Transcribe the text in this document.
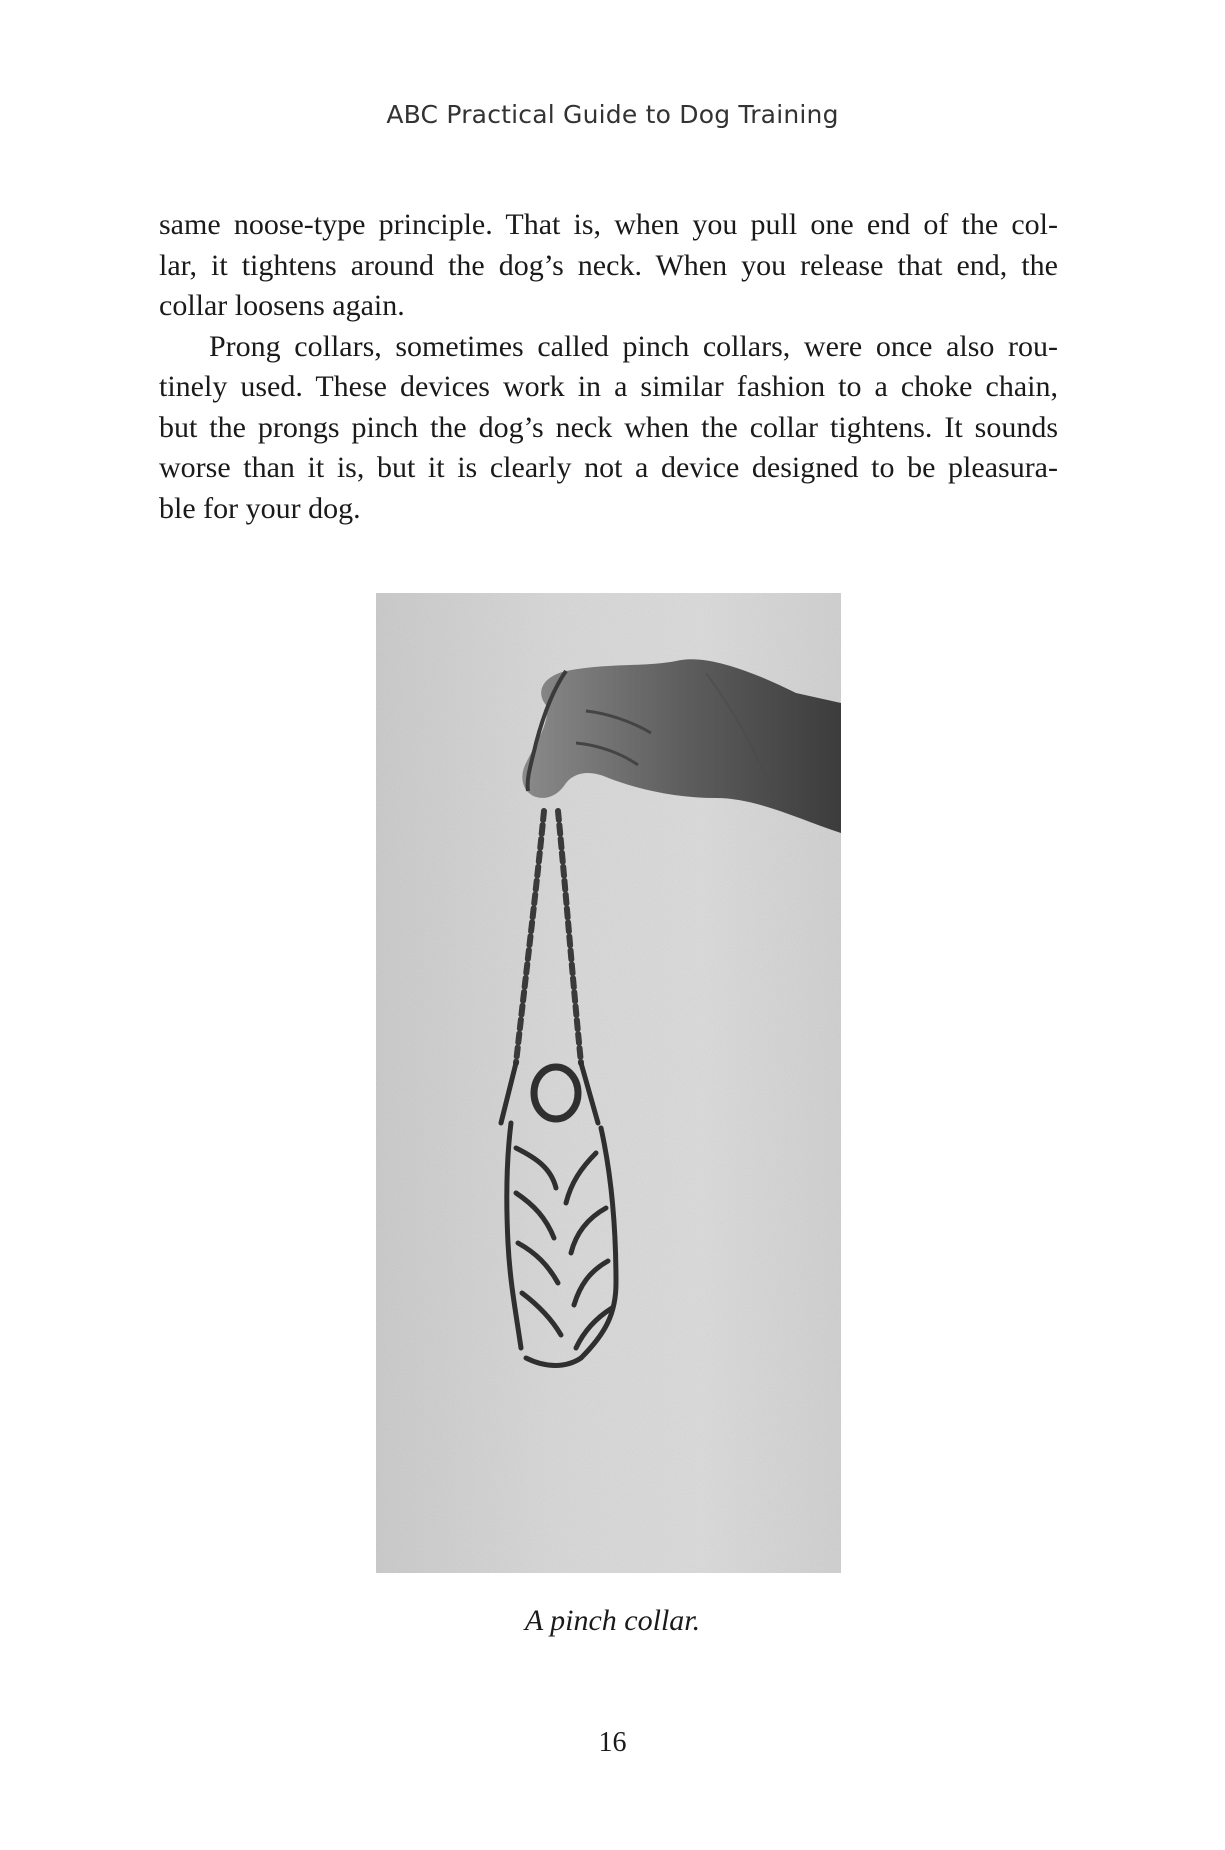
ABC Practical Guide to Dog Training
same noose-type principle. That is, when you pull one end of the col-
lar, it tightens around the dog’s neck. When you release that end, the
collar loosens again.
Prong collars, sometimes called pinch collars, were once also rou-
tinely used. These devices work in a similar fashion to a choke chain,
but the prongs pinch the dog’s neck when the collar tightens. It sounds
worse than it is, but it is clearly not a device designed to be pleasura-
ble for your dog.
A pinch collar.
16
